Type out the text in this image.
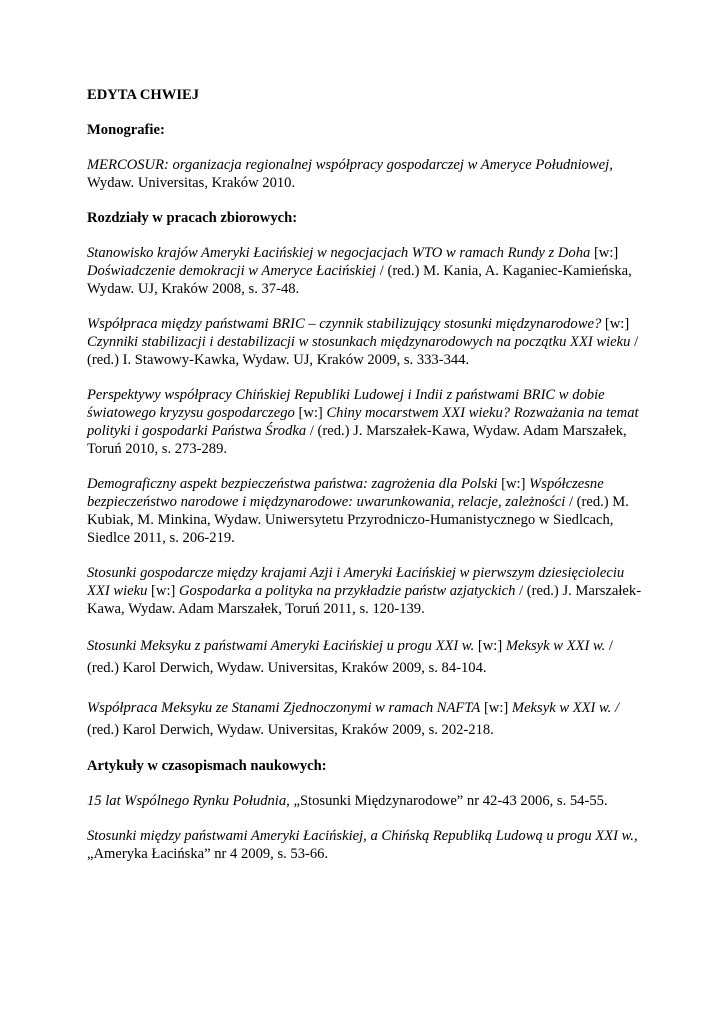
EDYTA CHWIEJ

Monografie:

MERCOSUR: organizacja regionalnej współpracy gospodarczej w Ameryce Południowej, Wydaw. Universitas, Kraków 2010.

Rozdziały w pracach zbiorowych:

Stanowisko krajów Ameryki Łacińskiej w negocjacjach WTO w ramach Rundy z Doha [w:] Doświadczenie demokracji w Ameryce Łacińskiej / (red.) M. Kania, A. Kaganiec-Kamieńska, Wydaw. UJ, Kraków 2008, s. 37-48.

Współpraca między państwami BRIC – czynnik stabilizujący stosunki międzynarodowe? [w:] Czynniki stabilizacji i destabilizacji w stosunkach międzynarodowych na początku XXI wieku / (red.) I. Stawowy-Kawka, Wydaw. UJ, Kraków 2009, s. 333-344.

Perspektywy współpracy Chińskiej Republiki Ludowej i Indii z państwami BRIC w dobie światowego kryzysu gospodarczego [w:] Chiny mocarstwem XXI wieku? Rozważania na temat polityki i gospodarki Państwa Środka / (red.) J. Marszałek-Kawa, Wydaw. Adam Marszałek, Toruń 2010, s. 273-289.

Demograficzny aspekt bezpieczeństwa państwa: zagrożenia dla Polski [w:] Współczesne bezpieczeństwo narodowe i międzynarodowe: uwarunkowania, relacje, zależności / (red.) M. Kubiak, M. Minkina, Wydaw. Uniwersytetu Przyrodniczo-Humanistycznego w Siedlcach, Siedlce 2011, s. 206-219.

Stosunki gospodarcze między krajami Azji i Ameryki Łacińskiej w pierwszym dziesięcioleciu XXI wieku [w:] Gospodarka a polityka na przykładzie państw azjatyckich / (red.) J. Marszałek-Kawa, Wydaw. Adam Marszałek, Toruń 2011, s. 120-139.

Stosunki Meksyku z państwami Ameryki Łacińskiej u progu XXI w. [w:] Meksyk w XXI w. / (red.) Karol Derwich, Wydaw. Universitas, Kraków 2009, s. 84-104.

Współpraca Meksyku ze Stanami Zjednoczonymi w ramach NAFTA [w:] Meksyk w XXI w. / (red.) Karol Derwich, Wydaw. Universitas, Kraków 2009, s. 202-218.

Artykuły w czasopismach naukowych:

15 lat Wspólnego Rynku Południa, „Stosunki Międzynarodowe” nr 42-43 2006, s. 54-55.

Stosunki między państwami Ameryki Łacińskiej, a Chińską Republiką Ludową u progu XXI w., „Ameryka Łacińska” nr 4 2009, s. 53-66.
